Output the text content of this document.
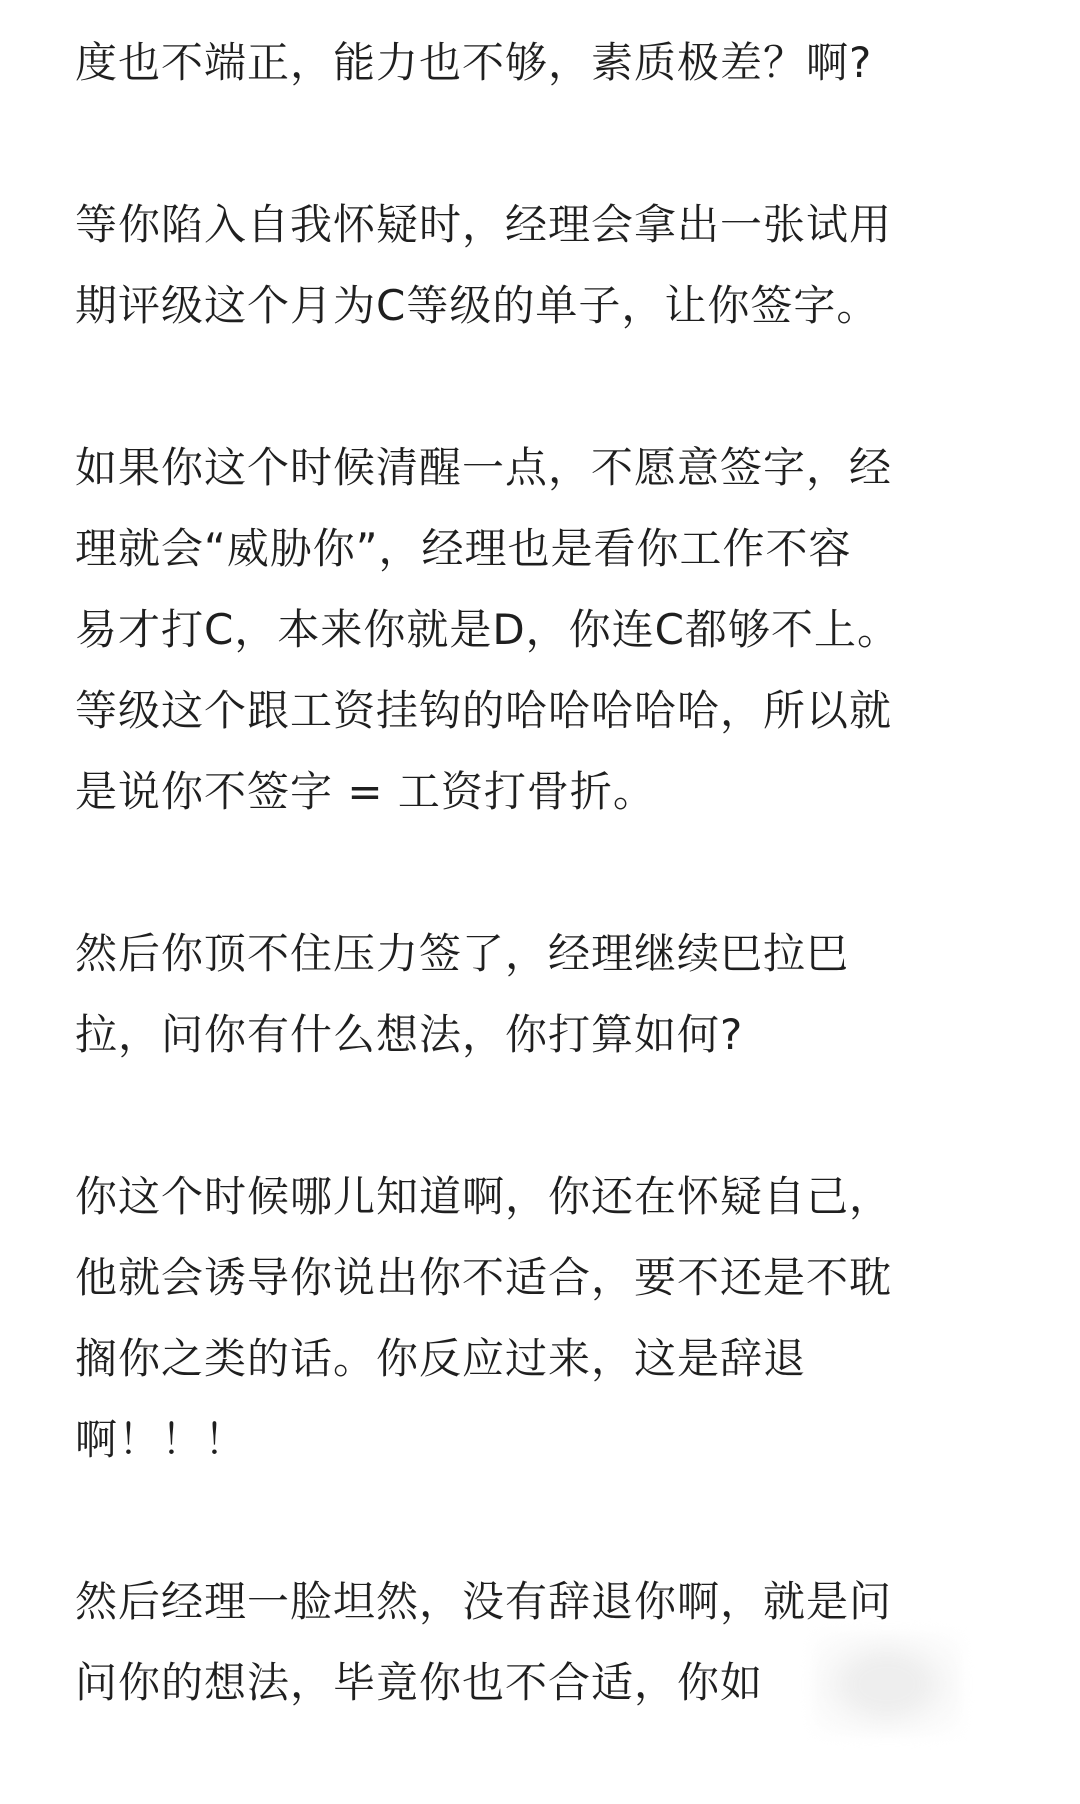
度也不端正，能力也不够，素质极差？啊?

等你陷入自我怀疑时，经理会拿出一张试用
期评级这个月为C等级的单子，让你签字。

如果你这个时候清醒一点，不愿意签字，经
理就会“威胁你”，经理也是看你工作不容
易才打C，本来你就是D，你连C都够不上。
等级这个跟工资挂钩的哈哈哈哈哈，所以就
是说你不签字 = 工资打骨折。

然后你顶不住压力签了，经理继续巴拉巴
拉，问你有什么想法，你打算如何?

你这个时候哪儿知道啊，你还在怀疑自己，
他就会诱导你说出你不适合，要不还是不耽
搁你之类的话。你反应过来，这是辞退
啊！！！

然后经理一脸坦然，没有辞退你啊，就是问
问你的想法，毕竟你也不合适，你如
